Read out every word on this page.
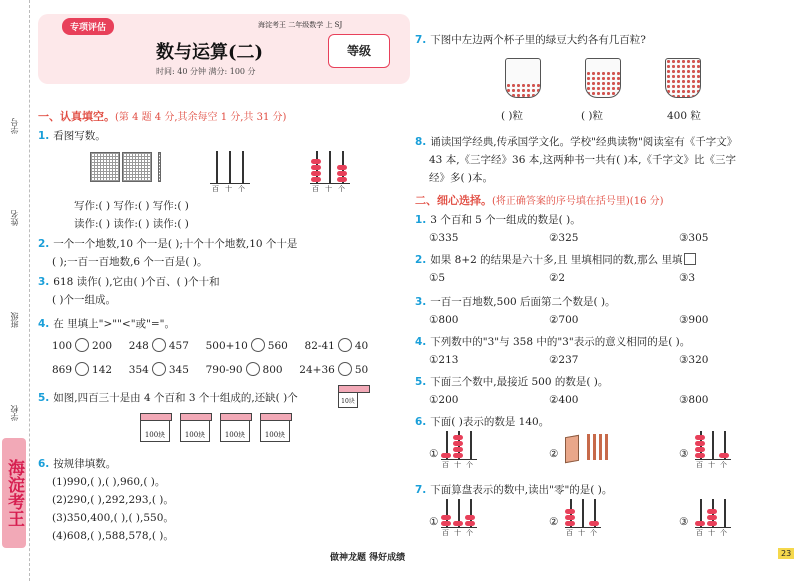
学号
姓名
班级
学校
海淀考王
专项评估	海淀考王 二年级数学 上 SJ
数与运算(二)
时间: 40 分钟 满分: 100 分
等级
一、认真填空。(第 4 题 4 分,其余每空 1 分,共 31 分)
1. 看图写数。
百 十 个	百 十 个
写作:( ) 写作:( ) 写作:( )
读作:( ) 读作:( ) 读作:( )
2. 一个一个地数,10 个一是( );十个十个地数,10 个十是
( );一百一百地数,6 个一百是( )。
3. 618 读作( ),它由( )个百、( )个十和
( )个一组成。
4. 在 里填上">""<"或"="。
100 200 248 457 500+10 560 82-41 40
869 142 354 345 790-90 800 24+36 50
5. 如图,四百三十是由 4 个百和 3 个十组成的,还缺( )个	10块
100块	100块	100块	100块
6. 按规律填数。
(1)990,( ),( ),960,( )。
(2)290,( ),292,293,( )。
(3)350,400,( ),( ),550。
(4)608,( ),588,578,( )。
7. 下图中左边两个杯子里的绿豆大约各有几百粒?
( )粒	( )粒	400 粒
8. 诵读国学经典,传承国学文化。学校"经典读物"阅读室有《千字文》
43 本,《三字经》36 本,这两种书一共有( )本,《千字文》比《三字
经》多( )本。
二、细心选择。(将正确答案的序号填在括号里)(16 分)
1. 3 个百和 5 个一组成的数是( )。
①335	②325	③305
2. 如果 8+2 的结果是六十多,且 里填相同的数,那么 里填
①5	②2	③3
3. 一百一百地数,500 后面第二个数是( )。
①800	②700	③900
4. 下列数中的"3"与 358 中的"3"表示的意义相同的是( )。
①213	②237	③320
5. 下面三个数中,最接近 500 的数是( )。
①200	②400	③800
6. 下面( )表示的数是 140。
①
百 十 个
②	③
百 十 个
7. 下面算盘表示的数中,读出"零"的是( )。
①
百 十 个
②
百 十 个
③
百 十 个
做神龙题 得好成绩	23
